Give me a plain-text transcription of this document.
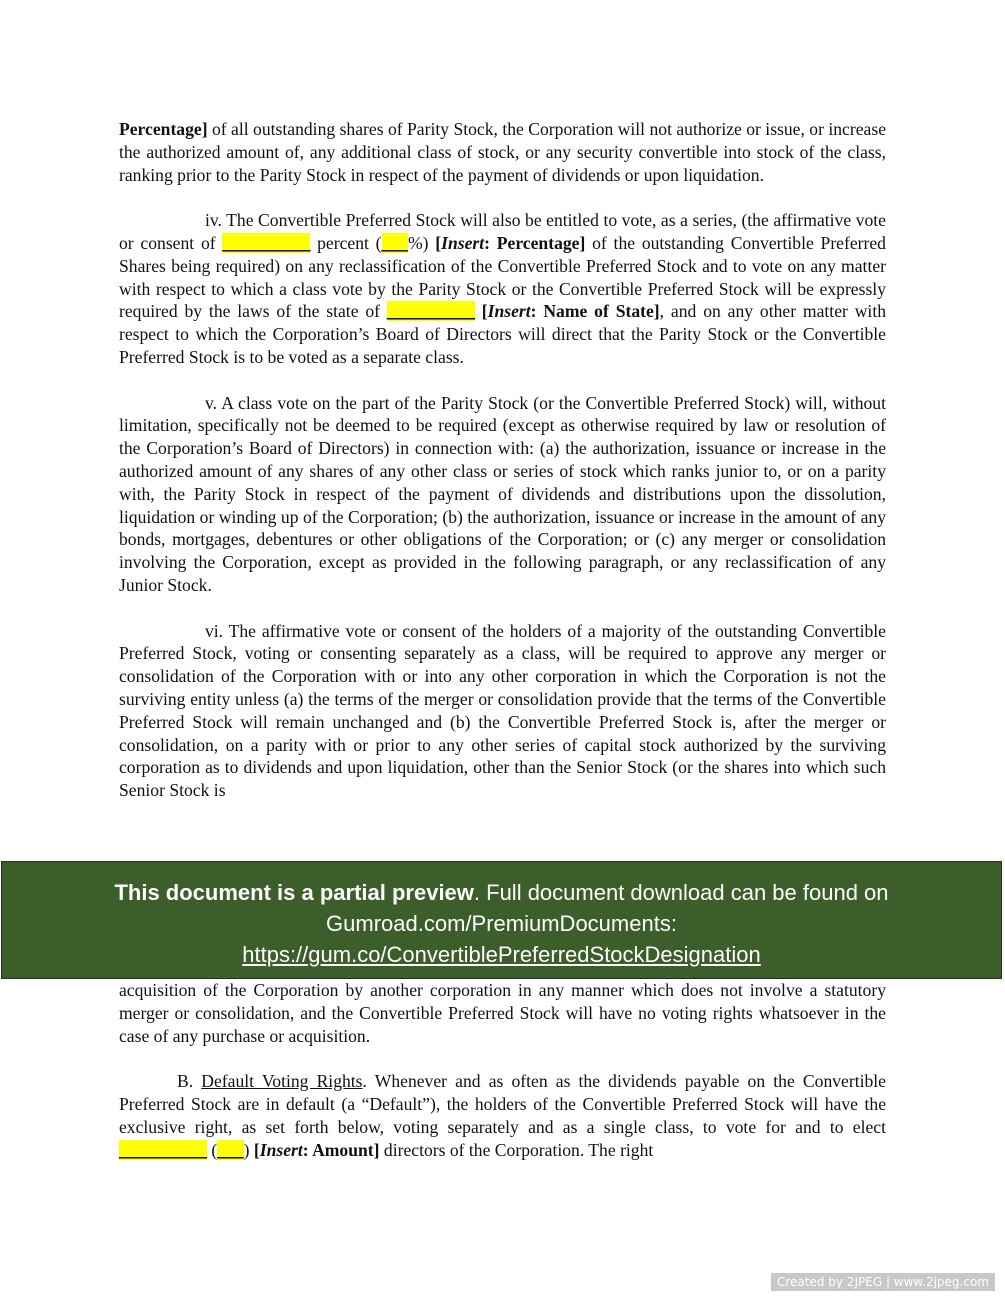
Percentage] of all outstanding shares of Parity Stock, the Corporation will not authorize or issue, or increase the authorized amount of, any additional class of stock, or any security convertible into stock of the class, ranking prior to the Parity Stock in respect of the payment of dividends or upon liquidation.

iv. The Convertible Preferred Stock will also be entitled to vote, as a series, (the affirmative vote or consent of __________ percent (___%) [Insert: Percentage] of the outstanding Convertible Preferred Shares being required) on any reclassification of the Convertible Preferred Stock and to vote on any matter with respect to which a class vote by the Parity Stock or the Convertible Preferred Stock will be expressly required by the laws of the state of __________ [Insert: Name of State], and on any other matter with respect to which the Corporation’s Board of Directors will direct that the Parity Stock or the Convertible Preferred Stock is to be voted as a separate class.

v. A class vote on the part of the Parity Stock (or the Convertible Preferred Stock) will, without limitation, specifically not be deemed to be required (except as otherwise required by law or resolution of the Corporation’s Board of Directors) in connection with: (a) the authorization, issuance or increase in the authorized amount of any shares of any other class or series of stock which ranks junior to, or on a parity with, the Parity Stock in respect of the payment of dividends and distributions upon the dissolution, liquidation or winding up of the Corporation; (b) the authorization, issuance or increase in the amount of any bonds, mortgages, debentures or other obligations of the Corporation; or (c) any merger or consolidation involving the Corporation, except as provided in the following paragraph, or any reclassification of any Junior Stock.

vi. The affirmative vote or consent of the holders of a majority of the outstanding Convertible Preferred Stock, voting or consenting separately as a class, will be required to approve any merger or consolidation of the Corporation with or into any other corporation in which the Corporation is not the surviving entity unless (a) the terms of the merger or consolidation provide that the terms of the Convertible Preferred Stock will remain unchanged and (b) the Convertible Preferred Stock is, after the merger or consolidation, on a parity with or prior to any other series of capital stock authorized by the surviving corporation as to dividends and upon liquidation, other than the Senior Stock (or the shares into which such Senior Stock is

acquisition of the Corporation by another corporation in any manner which does not involve a statutory merger or consolidation, and the Convertible Preferred Stock will have no voting rights whatsoever in the case of any purchase or acquisition.

B. Default Voting Rights. Whenever and as often as the dividends payable on the Convertible Preferred Stock are in default (a “Default”), the holders of the Convertible Preferred Stock will have the exclusive right, as set forth below, voting separately and as a single class, to vote for and to elect __________ (___) [Insert: Amount] directors of the Corporation. The right

This document is a partial preview. Full document download can be found on Gumroad.com/PremiumDocuments:
https://gum.co/ConvertiblePreferredStockDesignation
Created by 2JPEG | www.2jpeg.com
